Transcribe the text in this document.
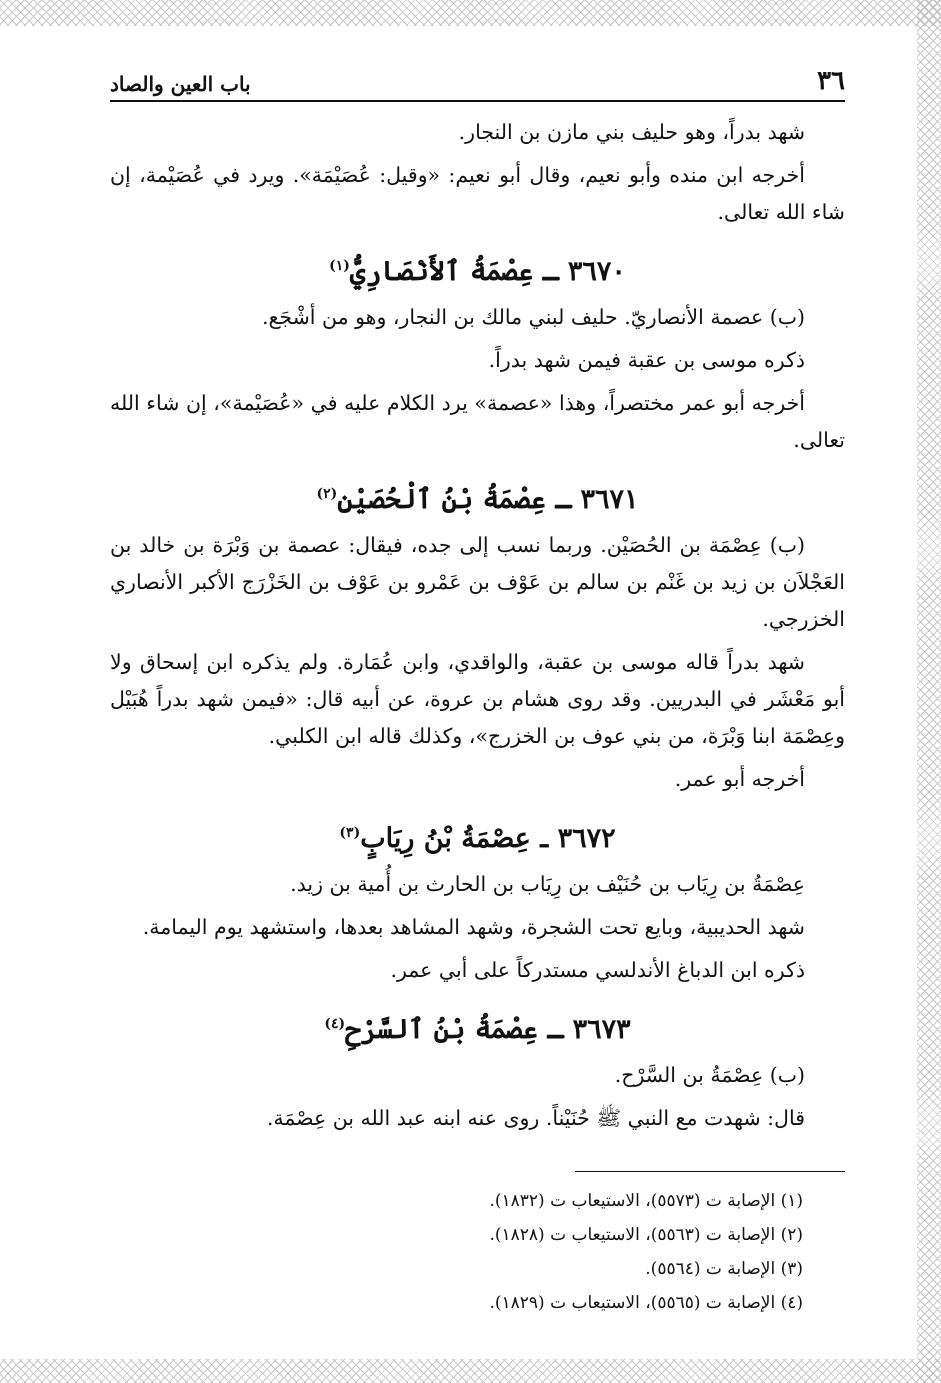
٣٦
باب العين والصاد

شهد بدراً، وهو حليف بني مازن بن النجار.

أخرجه ابن منده وأبو نعيم، وقال أبو نعيم: «وقيل: عُصَيْمَة». ويرد في عُصَيْمة، إن شاء الله تعالى.

٣٦٧٠ ـ عِصْمَةُ ٱلأَنْصَارِيُّ$^{(١)}$

(ب) عصمة الأنصاريّ. حليف لبني مالك بن النجار، وهو من أشْجَع.

ذكره موسى بن عقبة فيمن شهد بدراً.

أخرجه أبو عمر مختصراً، وهذا «عصمة» يرد الكلام عليه في «عُصَيْمة»، إن شاء الله تعالى.

٣٦٧١ ـ عِصْمَةُ بْنُ ٱلْحُصَيْنِ$^{(٢)}$

(ب) عِصْمَة بن الحُصَيْن. وربما نسب إلى جده، فيقال: عصمة بن وَبْرَة بن خالد بن العَجْلاَن بن زيد بن غَنْم بن سالم بن عَوْف بن عَمْرو بن عَوْف بن الخَزْرَج الأكبر الأنصاري الخزرجي.

شهد بدراً قاله موسى بن عقبة، والواقدي، وابن عُمَارة. ولم يذكره ابن إسحاق ولا أبو مَعْشَر في البدريين. وقد روى هشام بن عروة، عن أبيه قال: «فيمن شهد بدراً هُبَيْل وعِصْمَة ابنا وَبْرَة، من بني عوف بن الخزرج»، وكذلك قاله ابن الكلبي.

أخرجه أبو عمر.

٣٦٧٢ ـ عِصْمَةُ بْنُ رِيَابٍ$^{(٣)}$

عِصْمَةُ بن رِيَاب بن حُنَيْف بن رِيَاب بن الحارث بن أُمية بن زيد.

شهد الحديبية، وبايع تحت الشجرة، وشهد المشاهد بعدها، واستشهد يوم اليمامة.

ذكره ابن الدباغ الأندلسي مستدركاً على أبي عمر.

٣٦٧٣ ـ عِصْمَةُ بْنُ ٱلسَّرْحِ$^{(٤)}$

(ب) عِصْمَةُ بن السَّرْح.

قال: شهدت مع النبي ﷺ حُنَيْناً. روى عنه ابنه عبد الله بن عِصْمَة.

(١) الإصابة ت (٥٥٧٣)، الاستيعاب ت (١٨٣٢).
(٢) الإصابة ت (٥٥٦٣)، الاستيعاب ت (١٨٢٨).
(٣) الإصابة ت (٥٥٦٤).
(٤) الإصابة ت (٥٥٦٥)، الاستيعاب ت (١٨٢٩).
